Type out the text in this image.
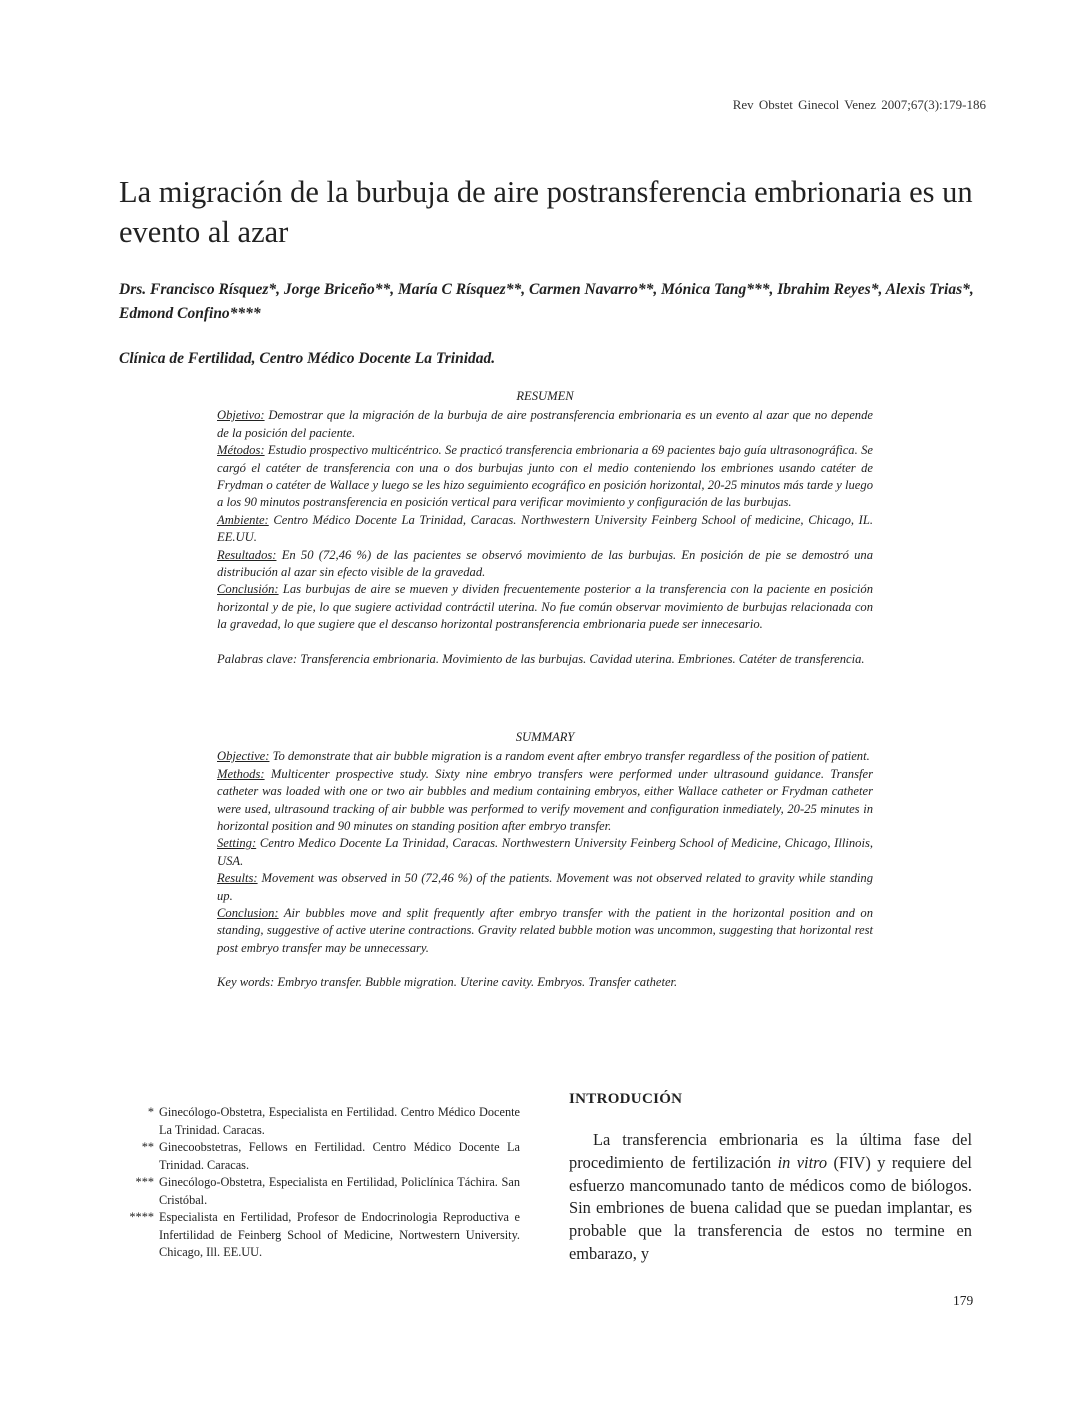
Rev Obstet Ginecol Venez 2007;67(3):179-186
La migración de la burbuja de aire postransferencia embrionaria es un evento al azar
Drs. Francisco Rísquez*, Jorge Briceño**, María C Rísquez**, Carmen Navarro**, Mónica Tang***, Ibrahim Reyes*, Alexis Trias*, Edmond Confino****
Clínica de Fertilidad, Centro Médico Docente La Trinidad.
RESUMEN

Objetivo: Demostrar que la migración de la burbuja de aire postransferencia embrionaria es un evento al azar que no depende de la posición del paciente.

Métodos: Estudio prospectivo multicéntrico. Se practicó transferencia embrionaria a 69 pacientes bajo guía ultrasonográfica. Se cargó el catéter de transferencia con una o dos burbujas junto con el medio conteniendo los embriones usando catéter de Frydman o catéter de Wallace y luego se les hizo seguimiento ecográfico en posición horizontal, 20-25 minutos más tarde y luego a los 90 minutos postransferencia en posición vertical para verificar movimiento y configuración de las burbujas.

Ambiente: Centro Médico Docente La Trinidad, Caracas. Northwestern University Feinberg School of medicine, Chicago, IL. EE.UU.

Resultados: En 50 (72,46 %) de las pacientes se observó movimiento de las burbujas. En posición de pie se demostró una distribución al azar sin efecto visible de la gravedad.

Conclusión: Las burbujas de aire se mueven y dividen frecuentemente posterior a la transferencia con la paciente en posición horizontal y de pie, lo que sugiere actividad contráctil uterina. No fue común observar movimiento de burbujas relacionada con la gravedad, lo que sugiere que el descanso horizontal postransferencia embrionaria puede ser innecesario.

Palabras clave: Transferencia embrionaria. Movimiento de las burbujas. Cavidad uterina. Embriones. Catéter de transferencia.

SUMMARY

Objective: To demonstrate that air bubble migration is a random event after embryo transfer regardless of the position of patient.

Methods: Multicenter prospective study. Sixty nine embryo transfers were performed under ultrasound guidance. Transfer catheter was loaded with one or two air bubbles and medium containing embryos, either Wallace catheter or Frydman catheter were used, ultrasound tracking of air bubble was performed to verify movement and configuration inmediately, 20-25 minutes in horizontal position and 90 minutes on standing position after embryo transfer.

Setting: Centro Medico Docente La Trinidad, Caracas. Northwestern University Feinberg School of Medicine, Chicago, Illinois, USA.

Results: Movement was observed in 50 (72,46 %) of the patients. Movement was not observed related to gravity while standing up.

Conclusion: Air bubbles move and split frequently after embryo transfer with the patient in the horizontal position and on standing, suggestive of active uterine contractions. Gravity related bubble motion was uncommon, suggesting that horizontal rest post embryo transfer may be unnecessary.

Key words: Embryo transfer. Bubble migration. Uterine cavity. Embryos. Transfer catheter.

* Ginecólogo-Obstetra, Especialista en Fertilidad. Centro Médico Docente La Trinidad. Caracas.
** Ginecoobstetras, Fellows en Fertilidad. Centro Médico Docente La Trinidad. Caracas.
*** Ginecólogo-Obstetra, Especialista en Fertilidad, Policlínica Táchira. San Cristóbal.
**** Especialista en Fertilidad, Profesor de Endocrinologia Reproductiva e Infertilidad de Feinberg School of Medicine, Nortwestern University. Chicago, Ill. EE.UU.
INTRODUCIÓN

La transferencia embrionaria es la última fase del procedimiento de fertilización in vitro (FIV) y requiere del esfuerzo mancomunado tanto de médicos como de biólogos. Sin embriones de buena calidad que se puedan implantar, es probable que la transferencia de estos no termine en embarazo, y

179
